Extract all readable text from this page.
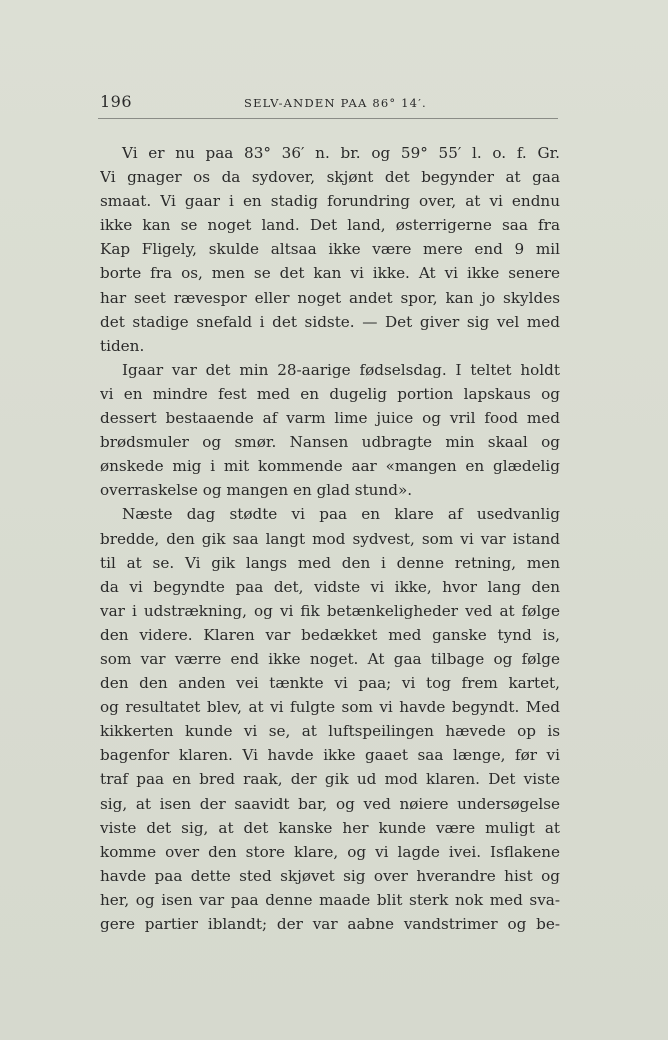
196	SELV-ANDEN PAA 86° 14′.
Vi er nu paa 83° 36′ n. br. og 59° 55′ l. o. f. Gr.
Vi gnager os da sydover, skjønt det begynder at gaa
smaat. Vi gaar i en stadig forundring over, at vi endnu
ikke kan se noget land. Det land, østerrigerne saa fra
Kap Fligely, skulde altsaa ikke være mere end 9 mil
borte fra os, men se det kan vi ikke. At vi ikke senere
har seet rævespor eller noget andet spor, kan jo skyldes
det stadige snefald i det sidste. — Det giver sig vel med
tiden.
Igaar var det min 28-aarige fødselsdag. I teltet holdt
vi en mindre fest med en dugelig portion lapskaus og
dessert bestaaende af varm lime juice og vril food med
brødsmuler og smør. Nansen udbragte min skaal og
ønskede mig i mit kommende aar «mangen en glædelig
overraskelse og mangen en glad stund».
Næste dag stødte vi paa en klare af usedvanlig
bredde, den gik saa langt mod sydvest, som vi var istand
til at se. Vi gik langs med den i denne retning, men
da vi begyndte paa det, vidste vi ikke, hvor lang den
var i udstrækning, og vi fik betænkeligheder ved at følge
den videre. Klaren var bedækket med ganske tynd is,
som var værre end ikke noget. At gaa tilbage og følge
den den anden vei tænkte vi paa; vi tog frem kartet,
og resultatet blev, at vi fulgte som vi havde begyndt. Med
kikkerten kunde vi se, at luftspeilingen hævede op is
bagenfor klaren. Vi havde ikke gaaet saa længe, før vi
traf paa en bred raak, der gik ud mod klaren. Det viste
sig, at isen der saavidt bar, og ved nøiere undersøgelse
viste det sig, at det kanske her kunde være muligt at
komme over den store klare, og vi lagde ivei. Isflakene
havde paa dette sted skjøvet sig over hverandre hist og
her, og isen var paa denne maade blit sterk nok med sva-
gere partier iblandt; der var aabne vandstrimer og be-
